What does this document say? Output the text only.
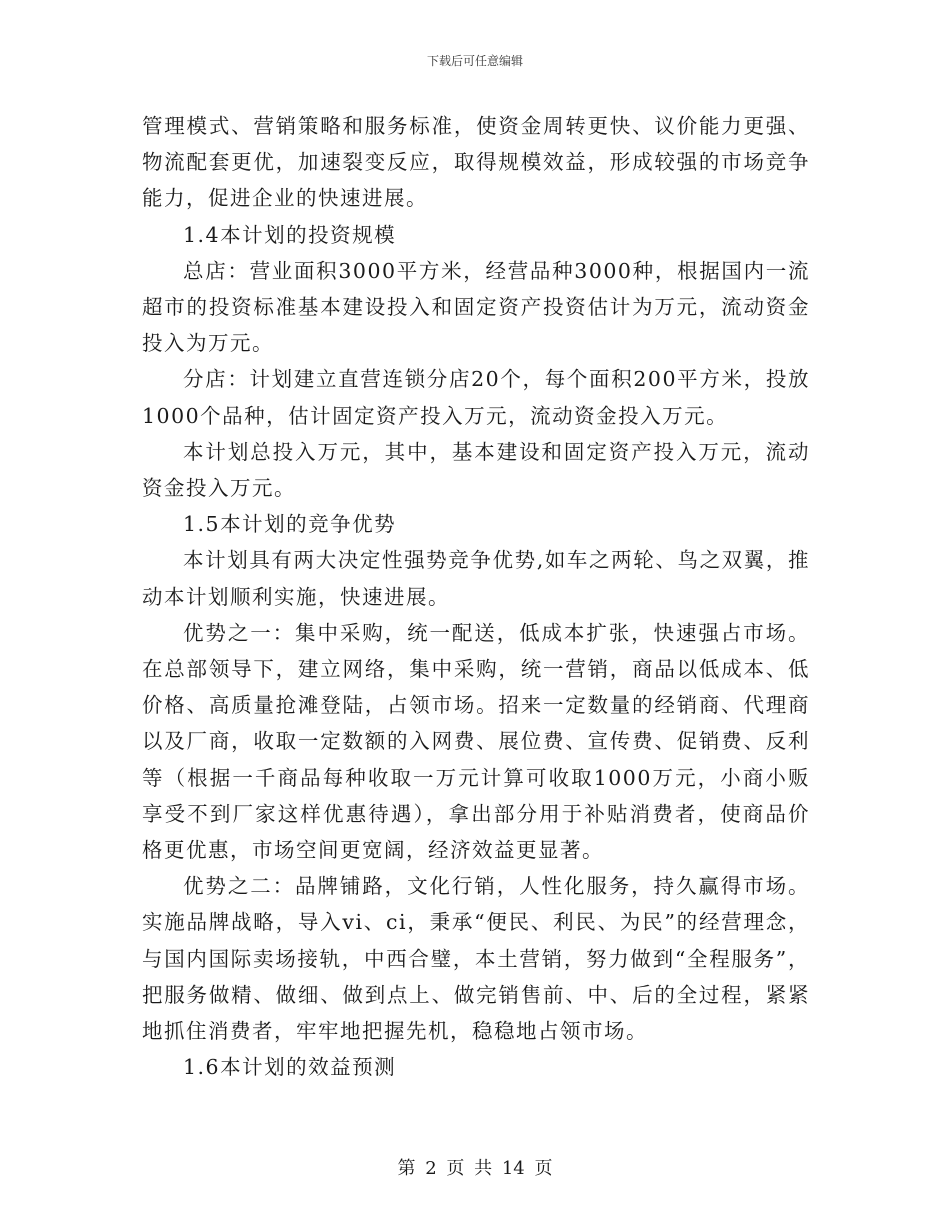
下载后可任意编辑

管理模式、营销策略和服务标准，使资金周转更快、议价能力更强、物流配套更优，加速裂变反应，取得规模效益，形成较强的市场竞争能力，促进企业的快速进展。

1.4本计划的投资规模

总店：营业面积3000平方米，经营品种3000种，根据国内一流超市的投资标准基本建设投入和固定资产投资估计为万元，流动资金投入为万元。

分店：计划建立直营连锁分店20个，每个面积200平方米，投放1000个品种，估计固定资产投入万元，流动资金投入万元。

本计划总投入万元，其中，基本建设和固定资产投入万元，流动资金投入万元。

1.5本计划的竞争优势

本计划具有两大决定性强势竞争优势,如车之两轮、鸟之双翼，推动本计划顺利实施，快速进展。

优势之一：集中采购，统一配送，低成本扩张，快速强占市场。在总部领导下，建立网络，集中采购，统一营销，商品以低成本、低价格、高质量抢滩登陆，占领市场。招来一定数量的经销商、代理商以及厂商，收取一定数额的入网费、展位费、宣传费、促销费、反利等（根据一千商品每种收取一万元计算可收取1000万元，小商小贩享受不到厂家这样优惠待遇），拿出部分用于补贴消费者，使商品价格更优惠，市场空间更宽阔，经济效益更显著。

优势之二：品牌铺路，文化行销，人性化服务，持久赢得市场。实施品牌战略，导入vi、ci，秉承“便民、利民、为民”的经营理念，与国内国际卖场接轨，中西合璧，本土营销，努力做到“全程服务”，把服务做精、做细、做到点上、做完销售前、中、后的全过程，紧紧地抓住消费者，牢牢地把握先机，稳稳地占领市场。

1.6本计划的效益预测

第 2 页 共 14 页
